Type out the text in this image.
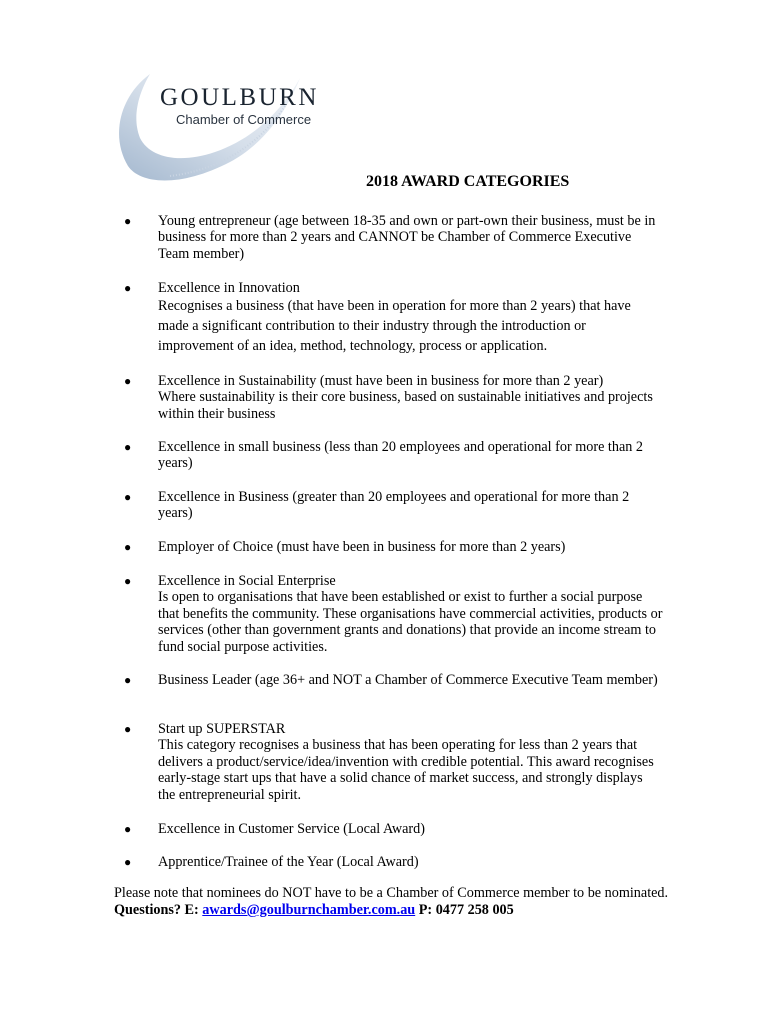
GOULBURN
Chamber of Commerce
2018 AWARD CATEGORIES
● Young entrepreneur (age between 18-35 and own or part-own their business, must be in business for more than 2 years and CANNOT be Chamber of Commerce Executive Team member)
● Excellence in Innovation
Recognises a business (that have been in operation for more than 2 years) that have made a significant contribution to their industry through the introduction or improvement of an idea, method, technology, process or application.
● Excellence in Sustainability (must have been in business for more than 2 year)
Where sustainability is their core business, based on sustainable initiatives and projects within their business
● Excellence in small business (less than 20 employees and operational for more than 2 years)
● Excellence in Business (greater than 20 employees and operational for more than 2 years)
● Employer of Choice (must have been in business for more than 2 years)
● Excellence in Social Enterprise
Is open to organisations that have been established or exist to further a social purpose that benefits the community. These organisations have commercial activities, products or services (other than government grants and donations) that provide an income stream to fund social purpose activities.
● Business Leader (age 36+ and NOT a Chamber of Commerce Executive Team member)
● Start up SUPERSTAR
This category recognises a business that has been operating for less than 2 years that delivers a product/service/idea/invention with credible potential. This award recognises early-stage start ups that have a solid chance of market success, and strongly displays the entrepreneurial spirit.
● Excellence in Customer Service (Local Award)
● Apprentice/Trainee of the Year (Local Award)
Please note that nominees do NOT have to be a Chamber of Commerce member to be nominated. Questions? E: awards@goulburnchamber.com.au P: 0477 258 005
